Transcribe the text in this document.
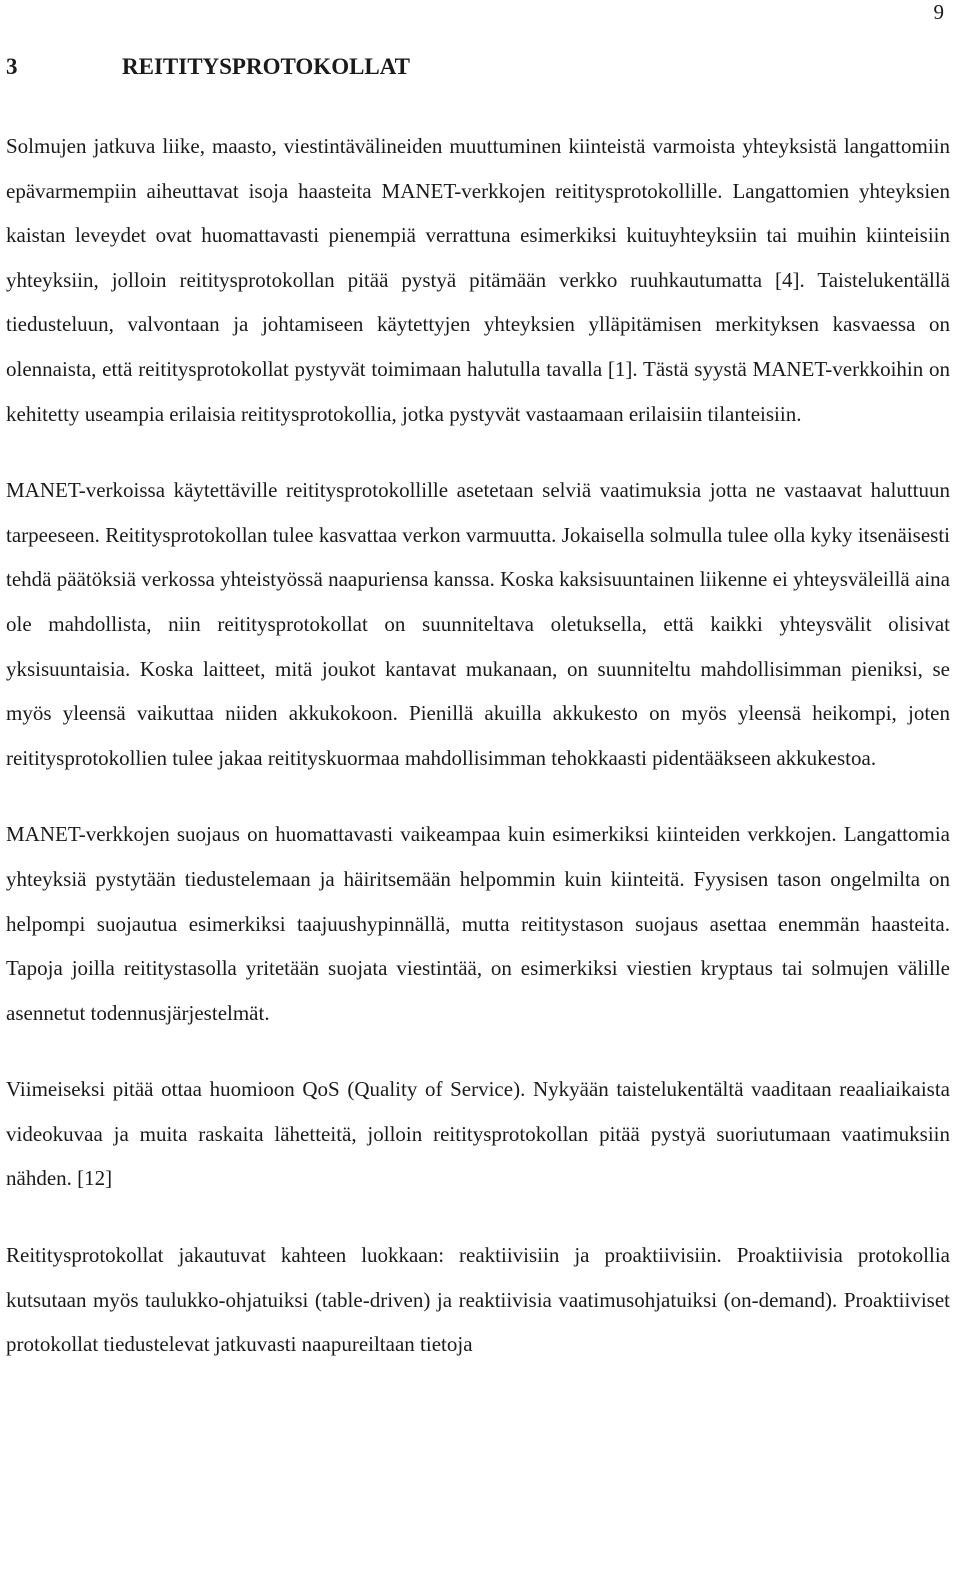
9
3	REITITYSPROTOKOLLAT

Solmujen jatkuva liike, maasto, viestintävälineiden muuttuminen kiinteistä varmoista yhteyksistä langattomiin epävarmempiin aiheuttavat isoja haasteita MANET-verkkojen reititysprotokollille. Langattomien yhteyksien kaistan leveydet ovat huomattavasti pienempiä verrattuna esimerkiksi kuituyhteyksiin tai muihin kiinteisiin yhteyksiin, jolloin reititysprotokollan pitää pystyä pitämään verkko ruuhkautumatta [4]. Taistelukentällä tiedusteluun, valvontaan ja johtamiseen käytettyjen yhteyksien ylläpitämisen merkityksen kasvaessa on olennaista, että reititysprotokollat pystyvät toimimaan halutulla tavalla [1]. Tästä syystä MANET-verkkoihin on kehitetty useampia erilaisia reititysprotokollia, jotka pystyvät vastaamaan erilaisiin tilanteisiin.

MANET-verkoissa käytettäville reititysprotokollille asetetaan selviä vaatimuksia jotta ne vastaavat haluttuun tarpeeseen. Reititysprotokollan tulee kasvattaa verkon varmuutta. Jokaisella solmulla tulee olla kyky itsenäisesti tehdä päätöksiä verkossa yhteistyössä naapuriensa kanssa. Koska kaksisuuntainen liikenne ei yhteysväleillä aina ole mahdollista, niin reititysprotokollat on suunniteltava oletuksella, että kaikki yhteysvälit olisivat yksisuuntaisia. Koska laitteet, mitä joukot kantavat mukanaan, on suunniteltu mahdollisimman pieniksi, se myös yleensä vaikuttaa niiden akkukokoon. Pienillä akuilla akkukesto on myös yleensä heikompi, joten reititysprotokollien tulee jakaa reitityskuormaa mahdollisimman tehokkaasti pidentääkseen akkukestoa.

MANET-verkkojen suojaus on huomattavasti vaikeampaa kuin esimerkiksi kiinteiden verkkojen. Langattomia yhteyksiä pystytään tiedustelemaan ja häiritsemään helpommin kuin kiinteitä. Fyysisen tason ongelmilta on helpompi suojautua esimerkiksi taajuushypinnällä, mutta reititystason suojaus asettaa enemmän haasteita. Tapoja joilla reititystasolla yritetään suojata viestintää, on esimerkiksi viestien kryptaus tai solmujen välille asennetut todennusjärjestelmät.

Viimeiseksi pitää ottaa huomioon QoS (Quality of Service). Nykyään taistelukentältä vaaditaan reaaliaikaista videokuvaa ja muita raskaita lähetteitä, jolloin reititysprotokollan pitää pystyä suoriutumaan vaatimuksiin nähden. [12]

Reititysprotokollat jakautuvat kahteen luokkaan: reaktiivisiin ja proaktiivisiin. Proaktiivisia protokollia kutsutaan myös taulukko-ohjatuiksi (table-driven) ja reaktiivisia vaatimusohjatuiksi (on-demand). Proaktiiviset protokollat tiedustelevat jatkuvasti naapureiltaan tietoja
